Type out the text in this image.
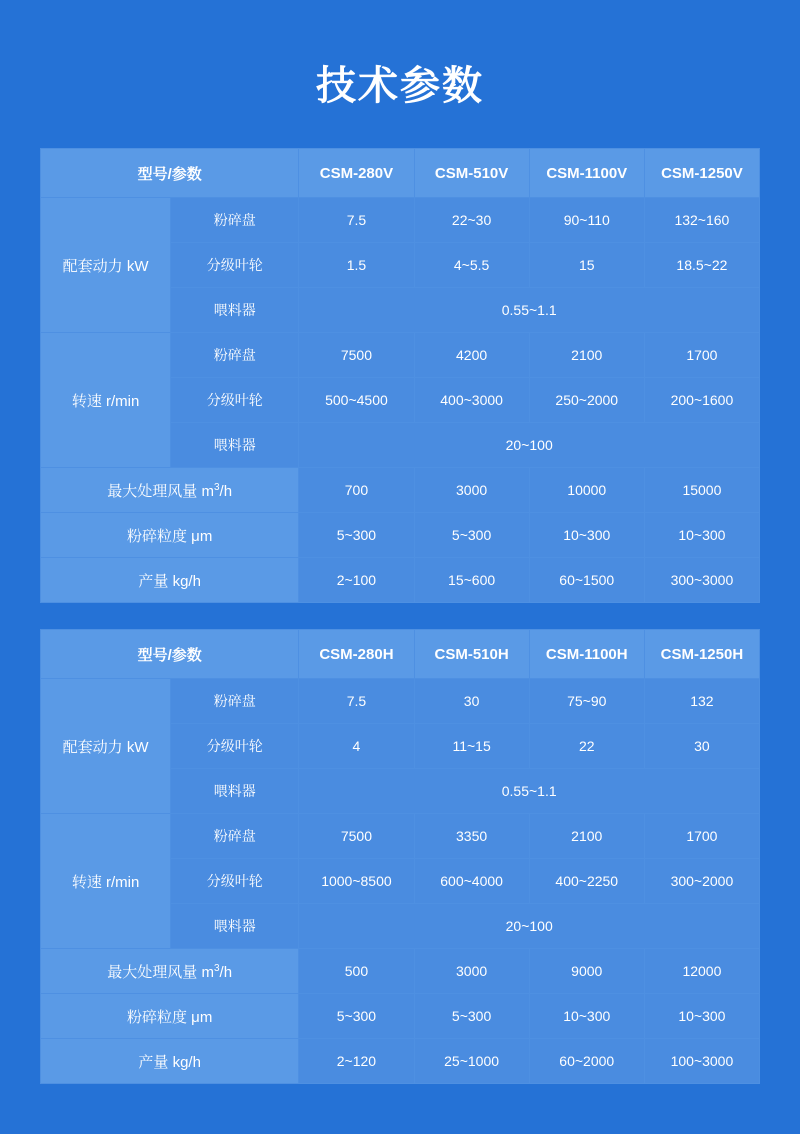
技术参数
型号/参数		CSM-280V	CSM-510V	CSM-1100V	CSM-1250V
配套动力 kW	粉碎盘	7.5	22~30	90~110	132~160
	分级叶轮	1.5	4~5.5	15	18.5~22
	喂料器	0.55~1.1			
转速 r/min	粉碎盘	7500	4200	2100	1700
	分级叶轮	500~4500	400~3000	250~2000	200~1600
	喂料器	20~100			
最大处理风量 $m^3/h$		700	3000	10000	15000
粉碎粒度 μm		5~300	5~300	10~300	10~300
产量 kg/h		2~100	15~600	60~1500	300~3000
型号/参数		CSM-280H	CSM-510H	CSM-1100H	CSM-1250H
配套动力 kW	粉碎盘	7.5	30	75~90	132
	分级叶轮	4	11~15	22	30
	喂料器	0.55~1.1			
转速 r/min	粉碎盘	7500	3350	2100	1700
	分级叶轮	1000~8500	600~4000	400~2250	300~2000
	喂料器	20~100			
最大处理风量 $m^3/h$		500	3000	9000	12000
粉碎粒度 μm		5~300	5~300	10~300	10~300
产量 kg/h		2~120	25~1000	60~2000	100~3000
